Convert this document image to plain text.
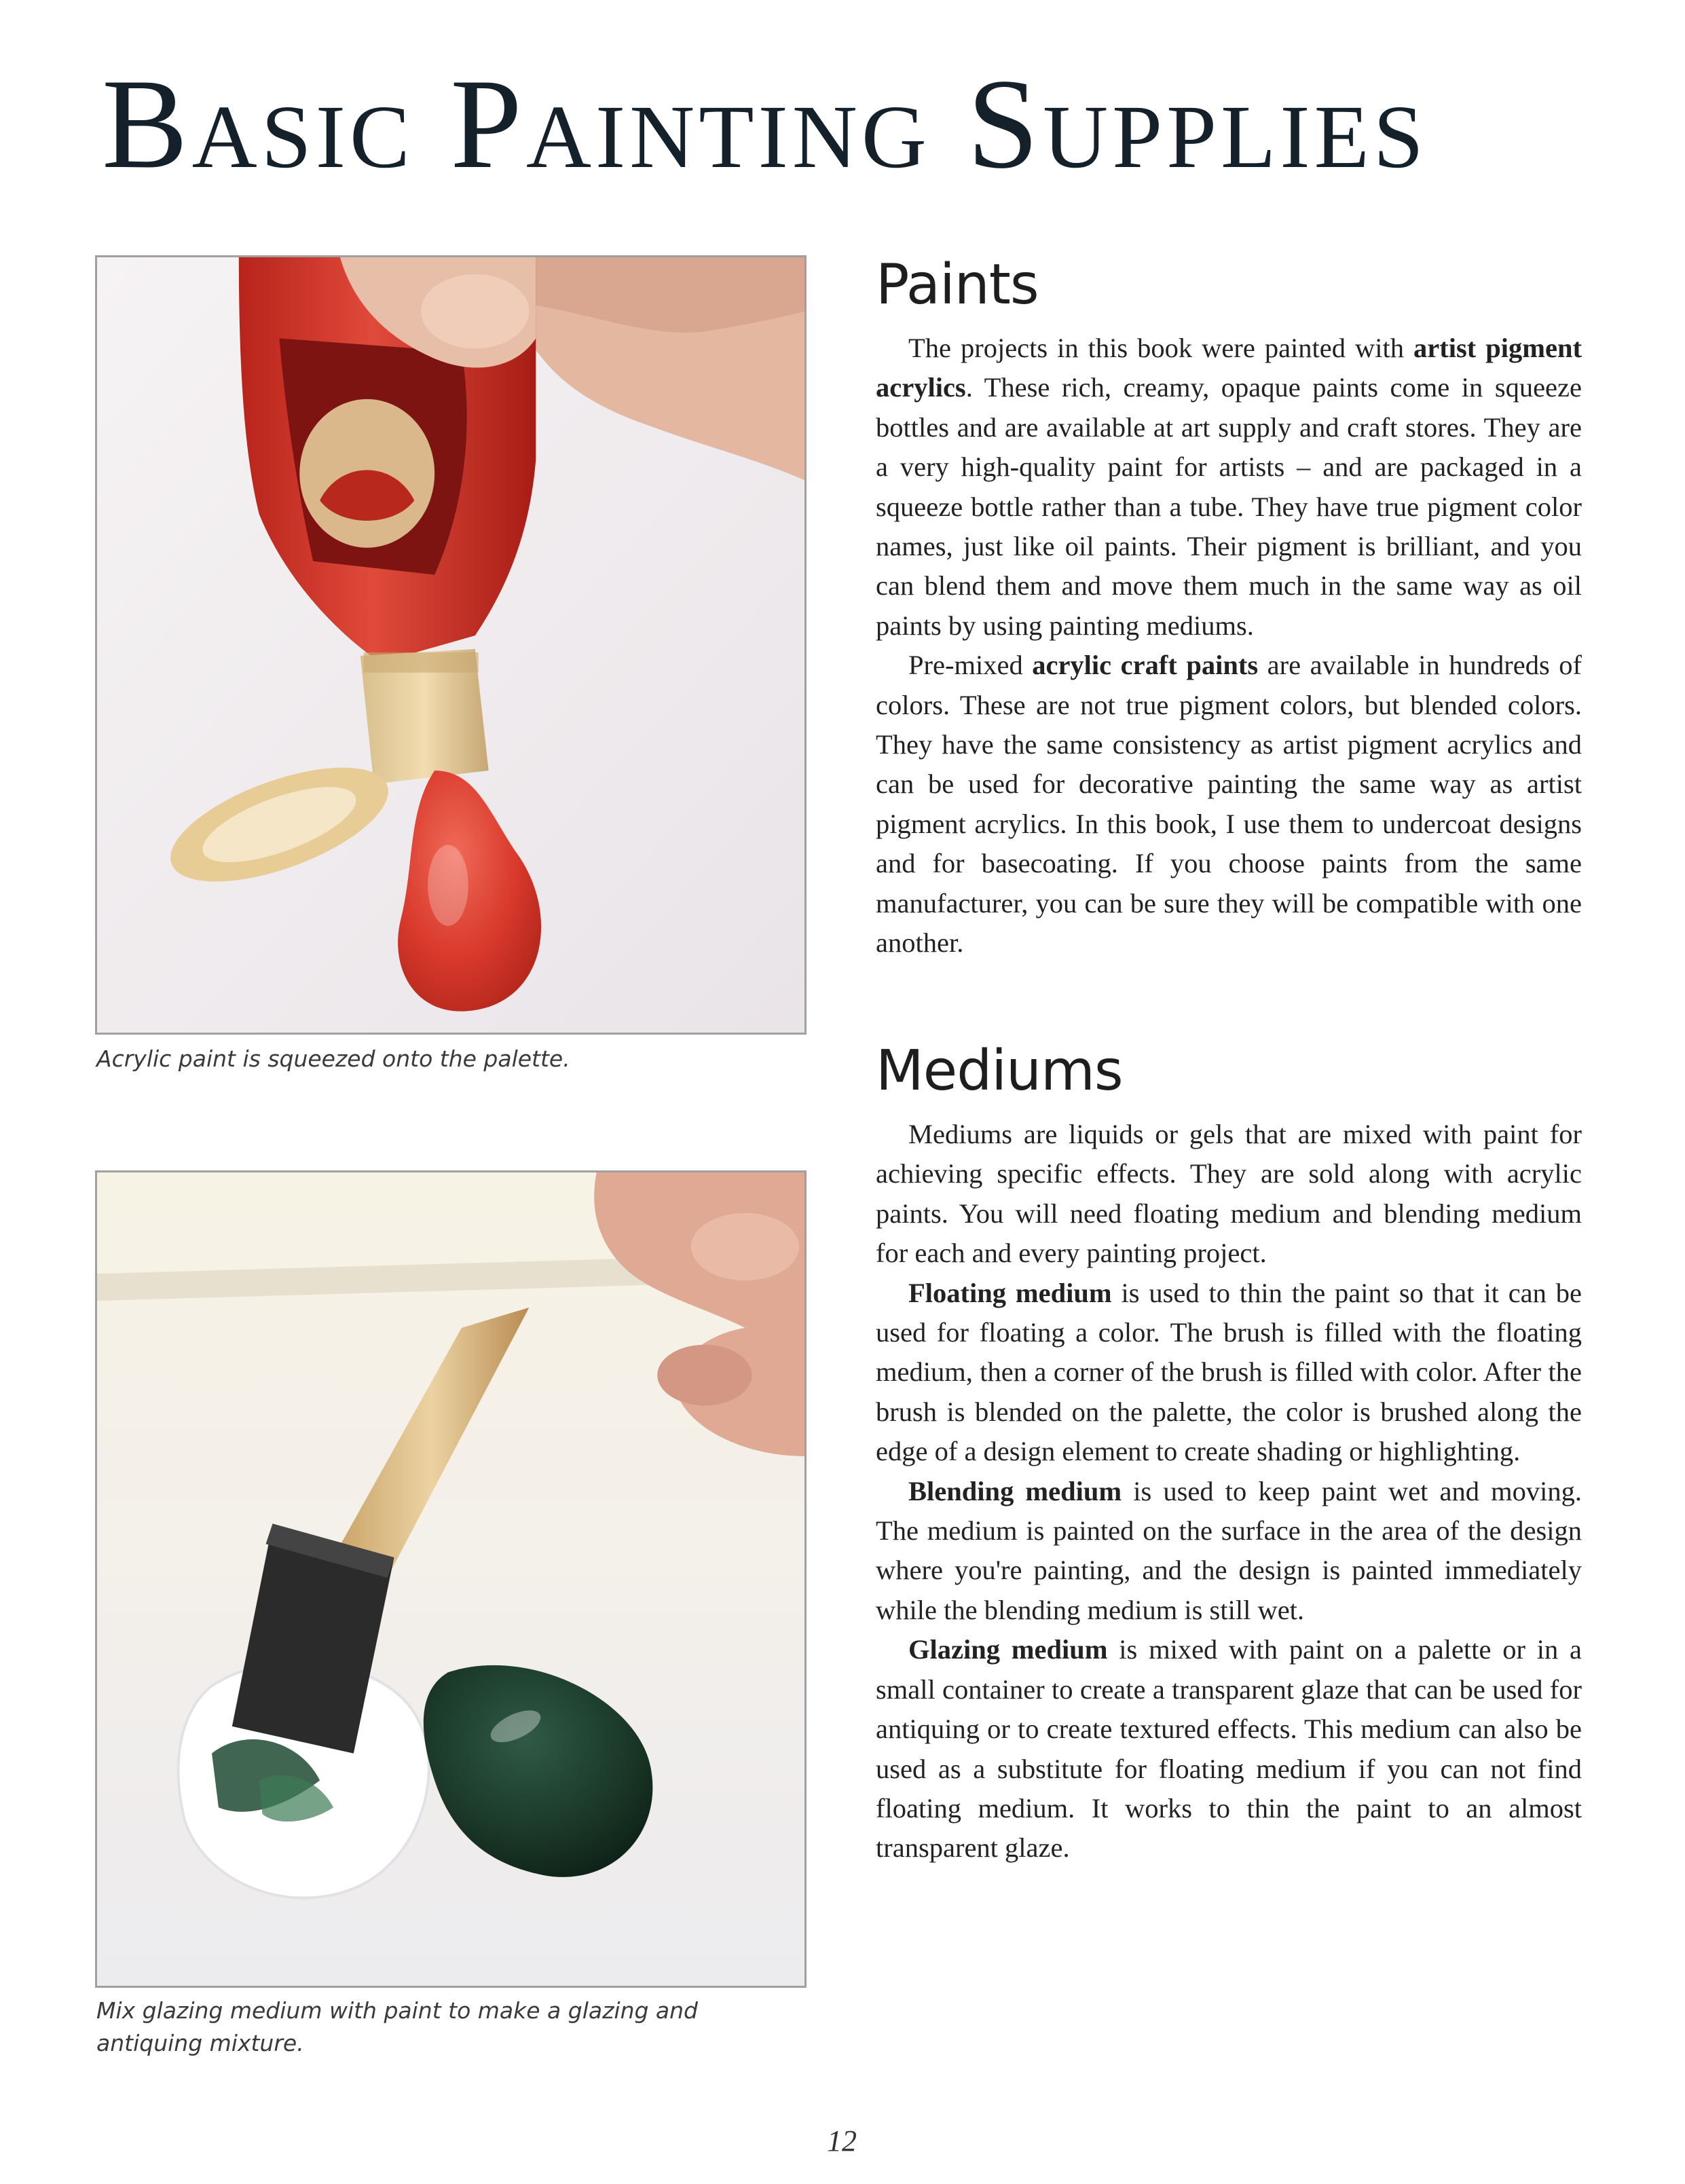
Basic Painting Supplies

Acrylic paint is squeezed onto the palette.

Mix glazing medium with paint to make a glazing and antiquing mixture.

Paints

The projects in this book were painted with artist pigment acrylics. These rich, creamy, opaque paints come in squeeze bottles and are available at art supply and craft stores. They are a very high-quality paint for artists – and are packaged in a squeeze bottle rather than a tube. They have true pigment color names, just like oil paints. Their pigment is brilliant, and you can blend them and move them much in the same way as oil paints by using painting mediums.

Pre-mixed acrylic craft paints are available in hundreds of colors. These are not true pigment colors, but blended colors. They have the same consistency as artist pigment acrylics and can be used for decorative painting the same way as artist pigment acrylics. In this book, I use them to undercoat designs and for basecoating. If you choose paints from the same manufacturer, you can be sure they will be compatible with one another.

Mediums

Mediums are liquids or gels that are mixed with paint for achieving specific effects. They are sold along with acrylic paints. You will need floating medium and blending medium for each and every painting project.

Floating medium is used to thin the paint so that it can be used for floating a color. The brush is filled with the floating medium, then a corner of the brush is filled with color. After the brush is blended on the palette, the color is brushed along the edge of a design element to create shading or highlighting.

Blending medium is used to keep paint wet and moving. The medium is painted on the surface in the area of the design where you're painting, and the design is painted immediately while the blending medium is still wet.

Glazing medium is mixed with paint on a palette or in a small container to create a transparent glaze that can be used for antiquing or to create textured effects. This medium can also be used as a substitute for floating medium if you can not find floating medium. It works to thin the paint to an almost transparent glaze.

12
